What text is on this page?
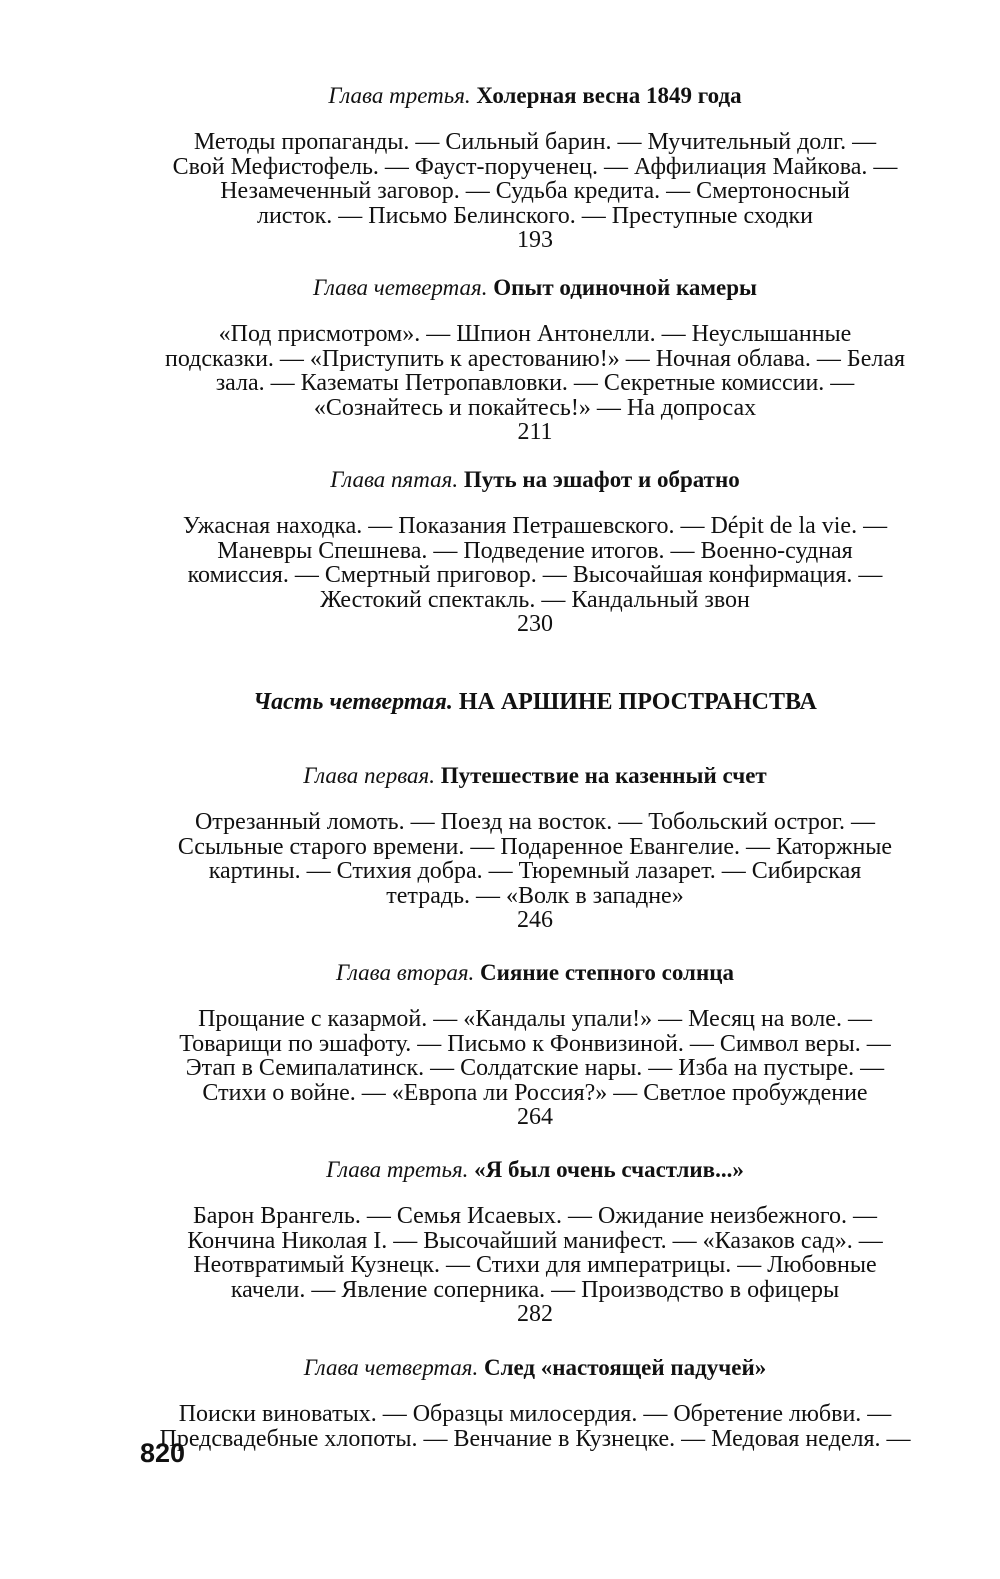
Глава третья. Холерная весна 1849 года
Методы пропаганды. — Сильный барин. — Мучительный долг. —
Свой Мефистофель. — Фауст-порученец. — Аффилиация Майкова. —
Незамеченный заговор. — Судьба кредита. — Смертоносный
листок. — Письмо Белинского. — Преступные сходки
193
Глава четвертая. Опыт одиночной камеры
«Под присмотром». — Шпион Антонелли. — Неуслышанные
подсказки. — «Приступить к арестованию!» — Ночная облава. — Белая
зала. — Казематы Петропавловки. — Секретные комиссии. —
«Сознайтесь и покайтесь!» — На допросах
211
Глава пятая. Путь на эшафот и обратно
Ужасная находка. — Показания Петрашевского. — Dépit de la vie. —
Маневры Спешнева. — Подведение итогов. — Военно-судная
комиссия. — Смертный приговор. — Высочайшая конфирмация. —
Жестокий спектакль. — Кандальный звон
230
Часть четвертая. НА АРШИНЕ ПРОСТРАНСТВА
Глава первая. Путешествие на казенный счет
Отрезанный ломоть. — Поезд на восток. — Тобольский острог. —
Ссыльные старого времени. — Подаренное Евангелие. — Каторжные
картины. — Стихия добра. — Тюремный лазарет. — Сибирская
тетрадь. — «Волк в западне»
246
Глава вторая. Сияние степного солнца
Прощание с казармой. — «Кандалы упали!» — Месяц на воле. —
Товарищи по эшафоту. — Письмо к Фонвизиной. — Символ веры. —
Этап в Семипалатинск. — Солдатские нары. — Изба на пустыре. —
Стихи о войне. — «Европа ли Россия?» — Светлое пробуждение
264
Глава третья. «Я был очень счастлив...»
Барон Врангель. — Семья Исаевых. — Ожидание неизбежного. —
Кончина Николая I. — Высочайший манифест. — «Казаков сад». —
Неотвратимый Кузнецк. — Стихи для императрицы. — Любовные
качели. — Явление соперника. — Производство в офицеры
282
Глава четвертая. След «настоящей падучей»
Поиски виноватых. — Образцы милосердия. — Обретение любви. —
Предсвадебные хлопоты. — Венчание в Кузнецке. — Медовая неделя. —
820
